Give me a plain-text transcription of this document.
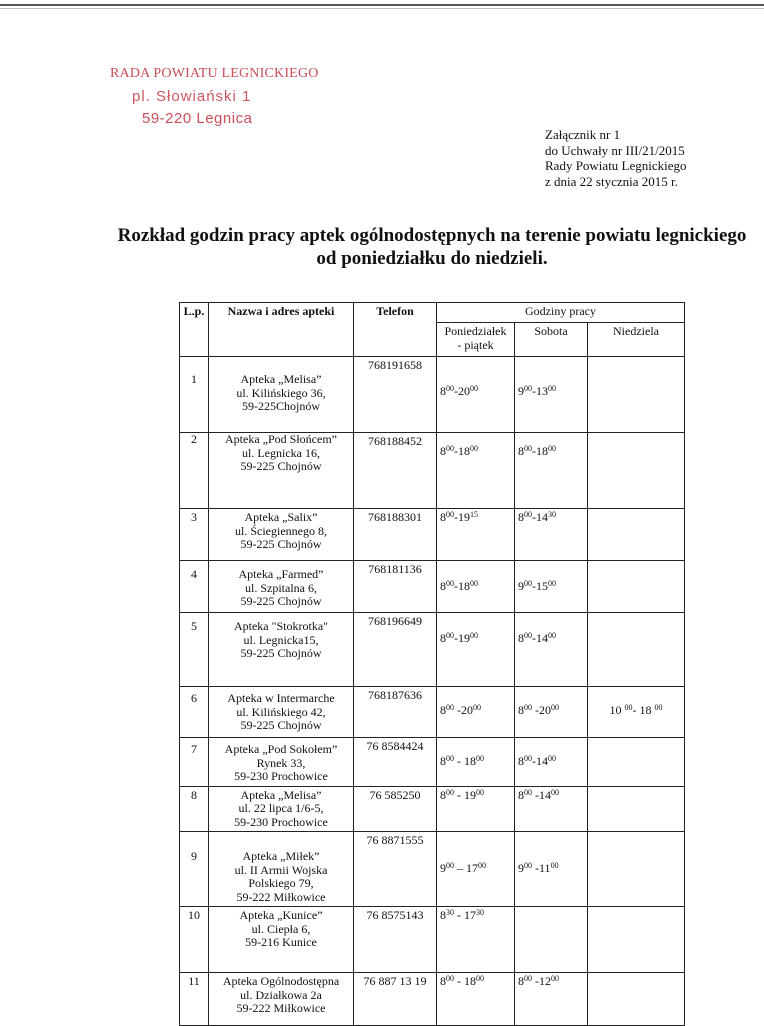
RADA POWIATU LEGNICKIEGO
pl. Słowiański 1
59-220 Legnica
Załącznik nr 1
do Uchwały nr III/21/2015
Rady Powiatu Legnickiego
z dnia 22 stycznia 2015 r.
Rozkład godzin pracy aptek ogólnodostępnych na terenie powiatu legnickiego
od poniedziałku do niedzieli.
L.p.	Nazwa i adres apteki	Telefon	Godziny pracy		

			Poniedziałek
- piątek	Sobota	Niedziela
1	Apteka „Melisa”
ul. Kilińskiego 36,
59-225Chojnów	768191658	$8^{00}-20^{00}$	$9^{00}-13^{00}$	
2	Apteka „Pod Słońcem”
ul. Legnicka 16,
59-225 Chojnów	768188452	$8^{00}-18^{00}$	$8^{00}-18^{00}$	
3	Apteka „Salix”
ul. Ściegiennego 8,
59-225 Chojnów	768188301	$8^{00}-19^{15}$	$8^{00}-14^{30}$	
4	Apteka „Farmed”
ul. Szpitalna 6,
59-225 Chojnów	768181136	$8^{00}-18^{00}$	$9^{00}-15^{00}$	
5	Apteka "Stokrotka"
ul. Legnicka15,
59-225 Chojnów	768196649	$8^{00}-19^{00}$	$8^{00}-14^{00}$	
6	Apteka w Intermarche
ul. Kilińskiego 42,
59-225 Chojnów	768187636	$8^{00}$ $-20^{00}$	$8^{00}$ $-20^{00}$	10 $^{00}$- 18 $^{00}$
7	Apteka „Pod Sokołem”
Rynek 33,
59-230 Prochowice	76 8584424	$8^{00} - 18^{00}$	$8^{00}-14^{00}$	
8	Apteka „Melisa”
ul. 22 lipca 1/6-5,
59-230 Prochowice	76 585250	$8^{00} - 19^{00}$	$8^{00}$ $-14^{00}$	
9	Apteka „Miłek”
ul. II Armii Wojska
Polskiego 79,
59-222 Miłkowice	76 8871555	$9^{00} - 17^{00}$	$9^{00}$ $-11^{00}$	
10	Apteka „Kunice”
ul. Ciepła 6,
59-216 Kunice	76 8575143	$8^{30} - 17^{30}$		
11	Apteka Ogólnodostępna
ul. Działkowa 2a
59-222 Miłkowice	76 887 13 19	$8^{00} - 18^{00}$	$8^{00}$ $-12^{00}$	
